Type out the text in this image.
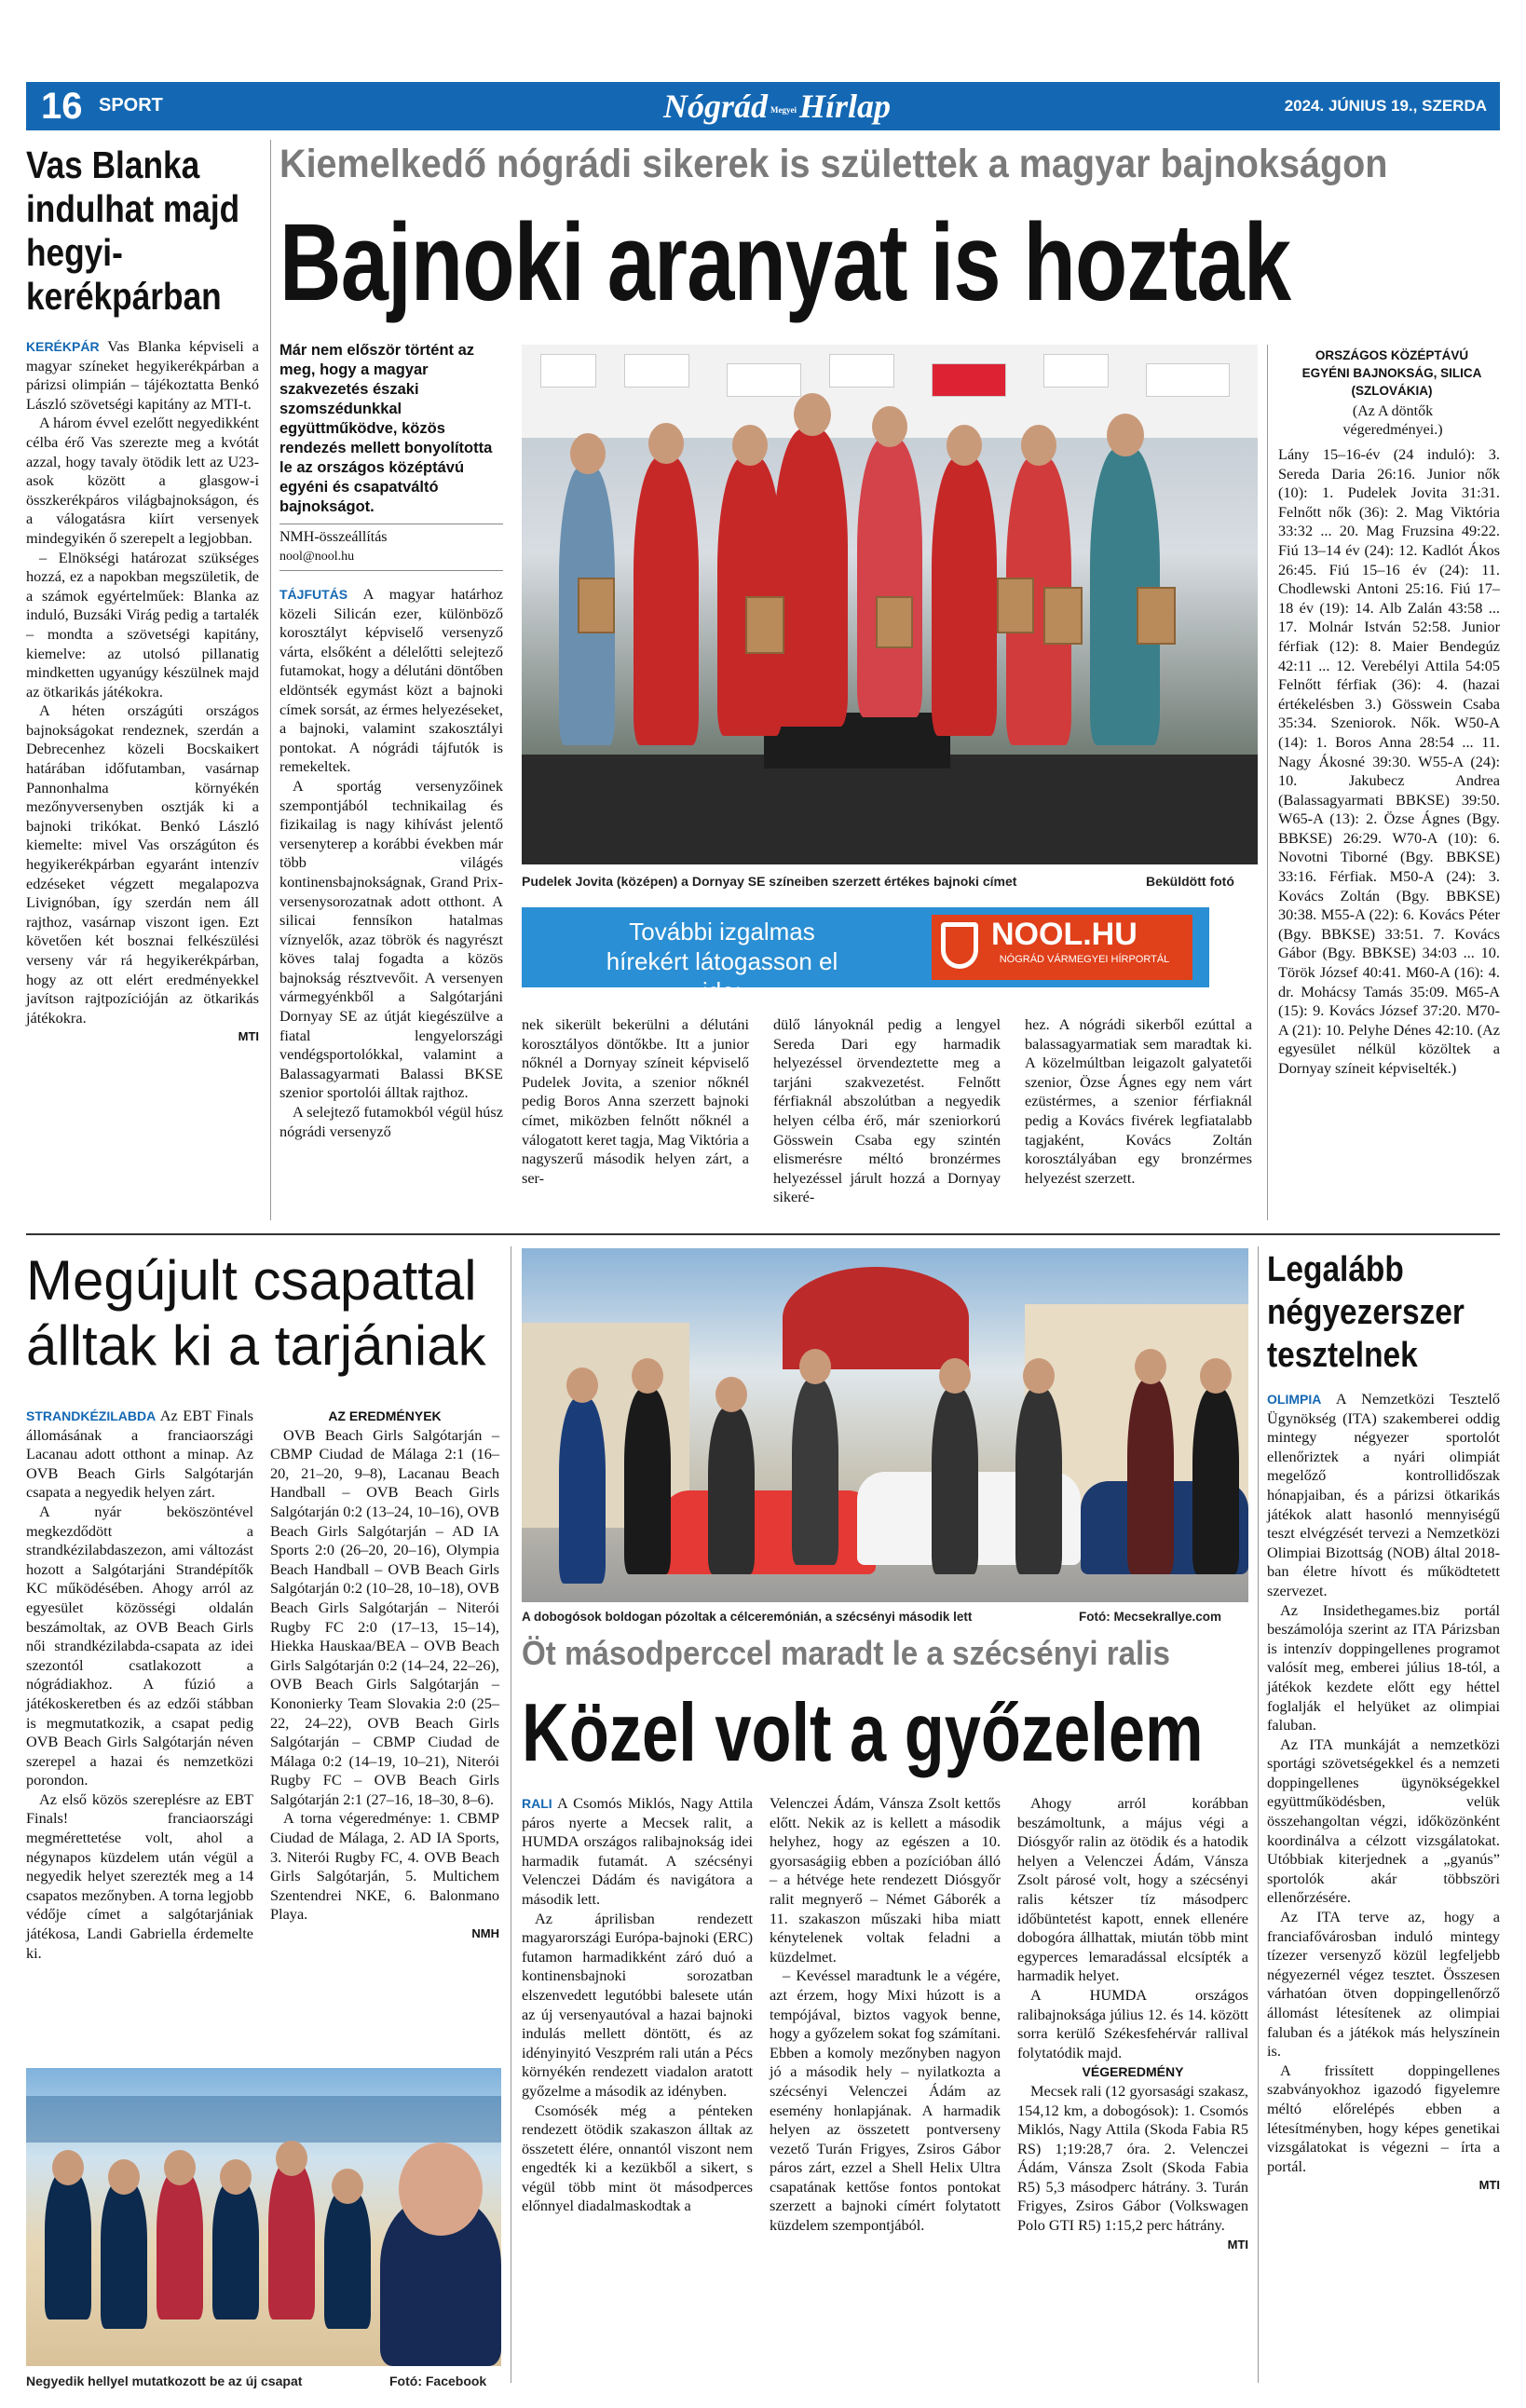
16 SPORT	Nógrád MegyeiHírlap	2024. JÚNIUS 19., SZERDA
Vas Blanka indulhat majd hegyi-kerékpárban

KERÉKPÁR Vas Blanka képviseli a magyar színeket hegyikerékpárban a párizsi olimpián – tájékoztatta Benkó László szövetségi kapitány az MTI-t.

A három évvel ezelőtt negyedikként célba érő Vas szerezte meg a kvótát azzal, hogy tavaly ötödik lett az U23-asok között a glasgow-i összkerékpáros világbajnokságon, és a válogatásra kiírt versenyek mindegyikén ő szerepelt a legjobban.

– Elnökségi határozat szükséges hozzá, ez a napokban megszületik, de a számok egyértelműek: Blanka az induló, Buzsáki Virág pedig a tartalék – mondta a szövetségi kapitány, kiemelve: az utolsó pillanatig mindketten ugyanúgy készülnek majd az ötkarikás játékokra.

A héten országúti országos bajnokságokat rendeznek, szerdán a Debrecenhez közeli Bocskaikert határában időfutamban, vasárnap Pannonhalma környékén mezőnyversenyben osztják ki a bajnoki trikókat. Benkó László kiemelte: mivel Vas országúton és hegyikerékpárban egyaránt intenzív edzéseket végzett megalapozva Livignóban, így szerdán nem áll rajthoz, vasárnap viszont igen. Ezt követően két bosznai felkészülési verseny vár rá hegyikerékpárban, hogy az ott elért eredményekkel javítson rajtpozícióján az ötkarikás játékokra.

MTI
Kiemelkedő nógrádi sikerek is születtek a magyar bajnokságon
Bajnoki aranyat is hoztak
Már nem először történt az meg, hogy a magyar szakvezetés északi szomszédunkkal együttműködve, közös rendezés mellett bonyolította le az országos középtávú egyéni és csapatváltó bajnokságot.
NMH-összeállítás
nool@nool.hu

TÁJFUTÁS A magyar határhoz közeli Silicán ezer, különböző korosztályt képviselő versenyző várta, elsőként a délelőtti selejtező futamokat, hogy a délutáni döntőben eldöntsék egymást közt a bajnoki címek sorsát, az érmes helyezéseket, a bajnoki, valamint szakosztályi pontokat. A nógrádi tájfutók is remekeltek.

A sportág versenyzőinek szempontjából technikailag és fizikailag is nagy kihívást jelentő versenyterep a korábbi években már több világés kontinensbajnokságnak, Grand Prix-versenysorozatnak adott otthont. A silicai fennsíkon hatalmas víznyelők, azaz töbrök és nagyrészt köves talaj fogadta a közös bajnokság résztvevőit. A versenyen vármegyénkből a Salgótarjáni Dornyay SE az útját kiegészülve a fiatal lengyelországi vendégsportolókkal, valamint a Balassagyarmati Balassi BKSE szenior sportolói álltak rajthoz.

A selejtező futamokból végül húsz nógrádi versenyző

Pudelek Jovita (középen) a Dornyay SE színeiben szerzett értékes bajnoki címet	Beküldött fotó
További izgalmas hírekért látogasson el ide:
NOOL.HU
NÓGRÁD VÁRMEGYEI HÍRPORTÁL

nek sikerült bekerülni a délutáni korosztályos döntőkbe. Itt a junior nőknél a Dornyay színeit képviselő Pudelek Jovita, a szenior nőknél pedig Boros Anna szerzett bajnoki címet, miközben felnőtt nőknél a válogatott keret tagja, Mag Viktória a nagyszerű második helyen zárt, a ser-

dülő lányoknál pedig a lengyel Sereda Dari egy harmadik helyezéssel örvendeztette meg a tarjáni szakvezetést. Felnőtt férfiaknál abszolútban a negyedik helyen célba érő, már szeniorkorú Gösswein Csaba egy szintén elismerésre méltó bronzérmes helyezéssel járult hozzá a Dornyay sikeré-

hez. A nógrádi sikerből ezúttal a balassagyarmatiak sem maradtak ki. A közelmúltban leigazolt galyatetői szenior, Özse Ágnes egy nem várt ezüstérmes, a szenior férfiaknál pedig a Kovács fivérek legfiatalabb tagjaként, Kovács Zoltán korosztályában egy bronzérmes helyezést szerzett.

ORSZÁGOS KÖZÉPTÁVÚ EGYÉNI BAJNOKSÁG, SILICA (SZLOVÁKIA)
(Az A döntők végeredményei.)

Lány 15–16-év (24 induló): 3. Sereda Daria 26:16. Junior nők (10): 1. Pudelek Jovita 31:31. Felnőtt nők (36): 2. Mag Viktória 33:32 ... 20. Mag Fruzsina 49:22. Fiú 13–14 év (24): 12. Kadlót Ákos 26:45. Fiú 15–16 év (24): 11. Chodlewski Antoni 25:16. Fiú 17–18 év (19): 14. Alb Zalán 43:58 ... 17. Molnár István 52:58. Junior férfiak (12): 8. Maier Bendegúz 42:11 ... 12. Verebélyi Attila 54:05 Felnőtt férfiak (36): 4. (hazai értékelésben 3.) Gösswein Csaba 35:34. Szeniorok. Nők. W50-A (14): 1. Boros Anna 28:54 ... 11. Nagy Ákosné 39:30. W55-A (24): 10. Jakubecz Andrea (Balassagyarmati BBKSE) 39:50. W65-A (13): 2. Özse Ágnes (Bgy. BBKSE) 26:29. W70-A (10): 6. Novotni Tiborné (Bgy. BBKSE) 33:16. Férfiak. M50-A (24): 3. Kovács Zoltán (Bgy. BBKSE) 30:38. M55-A (22): 6. Kovács Péter (Bgy. BBKSE) 33:51. 7. Kovács Gábor (Bgy. BBKSE) 34:03 ... 10. Török József 40:41. M60-A (16): 4. dr. Mohácsy Tamás 35:09. M65-A (15): 9. Kovács József 37:20. M70-A (21): 10. Pelyhe Dénes 42:10. (Az egyesület nélkül közöltek a Dornyay színeit képviselték.)

Megújult csapattal álltak ki a tarjániak

STRANDKÉZILABDA Az EBT Finals állomásának a franciaországi Lacanau adott otthont a minap. Az OVB Beach Girls Salgótarján csapata a negyedik helyen zárt.

A nyár beköszöntével megkezdődött a strandkézilabdaszezon, ami változást hozott a Salgótarjáni Strandépítők KC működésében. Ahogy arról az egyesület közösségi oldalán beszámoltak, az OVB Beach Girls női strandkézilabda-csapata az idei szezontól csatlakozott a nógrádiakhoz. A fúzió a játékoskeretben és az edzői stábban is megmutatkozik, a csapat pedig OVB Beach Girls Salgótarján néven szerepel a hazai és nemzetközi porondon.

Az első közös szereplésre az EBT Finals! franciaországi megmérettetése volt, ahol a négynapos küzdelem után végül a negyedik helyet szerezték meg a 14 csapatos mezőnyben. A torna legjobb védője címet a salgótarjániak játékosa, Landi Gabriella érdemelte ki.

AZ EREDMÉNYEK

OVB Beach Girls Salgótarján – CBMP Ciudad de Málaga 2:1 (16–20, 21–20, 9–8), Lacanau Beach Handball – OVB Beach Girls Salgótarján 0:2 (13–24, 10–16), OVB Beach Girls Salgótarján – AD IA Sports 2:0 (26–20, 20–16), Olympia Beach Handball – OVB Beach Girls Salgótarján 0:2 (10–28, 10–18), OVB Beach Girls Salgótarján – Niterói Rugby FC 2:0 (17–13, 15–14), Hiekka Hauskaa/BEA – OVB Beach Girls Salgótarján 0:2 (14–24, 22–26), OVB Beach Girls Salgótarján – Kononierky Team Slovakia 2:0 (25–22, 24–22), OVB Beach Girls Salgótarján – CBMP Ciudad de Málaga 0:2 (14–19, 10–21), Niterói Rugby FC – OVB Beach Girls Salgótarján 2:1 (27–16, 18–30, 8–6).

A torna végeredménye: 1. CBMP Ciudad de Málaga, 2. AD IA Sports, 3. Niterói Rugby FC, 4. OVB Beach Girls Salgótarján, 5. Multichem Szentendrei NKE, 6. Balonmano Playa.

NMH
Negyedik hellyel mutatkozott be az új csapat	Fotó: Facebook
A dobogósok boldogan pózoltak a célceremónián, a szécsényi második lett	Fotó: Mecsekrallye.com
Öt másodperccel maradt le a szécsényi ralis
Közel volt a győzelem

RALI A Csomós Miklós, Nagy Attila páros nyerte a Mecsek ralit, a HUMDA országos ralibajnokság idei harmadik futamát. A szécsényi Velenczei Dádám és navigátora a második lett.

Az áprilisban rendezett magyarországi Európa-bajnoki (ERC) futamon harmadikként záró duó a kontinensbajnoki sorozatban elszenvedett legutóbbi balesete után az új versenyautóval a hazai bajnoki indulás mellett döntött, és az idényinyitó Veszprém rali után a Pécs környékén rendezett viadalon aratott győzelme a második az idényben.

Csomósék még a pénteken rendezett ötödik szakaszon álltak az összetett élére, onnantól viszont nem engedték ki a kezükből a sikert, s végül több mint öt másodperces előnnyel diadalmaskodtak a

Velenczei Ádám, Vánsza Zsolt kettős előtt. Nekik az is kellett a második helyhez, hogy az egészen a 10. gyorsaságiig ebben a pozícióban álló – a hétvége hete rendezett Diósgyőr ralit megnyerő – Német Gáborék a 11. szakaszon műszaki hiba miatt kénytelenek voltak feladni a küzdelmet.

– Kevéssel maradtunk le a végére, azt érzem, hogy Mixi húzott is a tempójával, biztos vagyok benne, hogy a győzelem sokat fog számítani. Ebben a komoly mezőnyben nagyon jó a második hely – nyilatkozta a szécsényi Velenczei Ádám az esemény honlapjának. A harmadik helyen az összetett pontverseny vezető Turán Frigyes, Zsiros Gábor páros zárt, ezzel a Shell Helix Ultra csapatának kettőse fontos pontokat szerzett a bajnoki címért folytatott küzdelem szempontjából.

Ahogy arról korábban beszámoltunk, a május végi a Diósgyőr ralin az ötödik és a hatodik helyen a Velenczei Ádám, Vánsza Zsolt párosé volt, hogy a szécsényi ralis kétszer tíz másodperc időbüntetést kapott, ennek ellenére dobogóra állhattak, miután több mint egyperces lemaradással elcsípték a harmadik helyet.

A HUMDA országos ralibajnoksága július 12. és 14. között sorra kerülő Székesfehérvár rallival folytatódik majd.

VÉGEREDMÉNY

Mecsek rali (12 gyorsasági szakasz, 154,12 km, a dobogósok): 1. Csomós Miklós, Nagy Attila (Skoda Fabia R5 RS) 1;19:28,7 óra. 2. Velenczei Ádám, Vánsza Zsolt (Skoda Fabia R5) 5,3 másodperc hátrány. 3. Turán Frigyes, Zsiros Gábor (Volkswagen Polo GTI R5) 1:15,2 perc hátrány.

MTI
Legalább négyezerszer tesztelnek

OLIMPIA A Nemzetközi Tesztelő Ügynökség (ITA) szakemberei oddig mintegy négyezer sportolót ellenőriztek a nyári olimpiát megelőző kontrollidőszak hónapjaiban, és a párizsi ötkarikás játékok alatt hasonló mennyiségű teszt elvégzését tervezi a Nemzetközi Olimpiai Bizottság (NOB) által 2018-ban életre hívott és működtetett szervezet.

Az Insidethegames.biz portál beszámolója szerint az ITA Párizsban is intenzív doppingellenes programot valósít meg, emberei július 18-tól, a játékok kezdete előtt egy héttel foglalják el helyüket az olimpiai faluban.

Az ITA munkáját a nemzetközi sportági szövetségekkel és a nemzeti doppingellenes ügynökségekkel együttműködésben, velük összehangoltan végzi, időközönként koordinálva a célzott vizsgálatokat. Utóbbiak kiterjednek a „gyanús” sportolók akár többszöri ellenőrzésére.

Az ITA terve az, hogy a franciafővárosban induló mintegy tízezer versenyző közül legfeljebb négyezernél végez tesztet. Összesen várhatóan ötven doppingellenőrző állomást létesítenek az olimpiai faluban és a játékok más helyszínein is.

A frissített doppingellenes szabványokhoz igazodó figyelemre méltó előrelépés ebben a létesítményben, hogy képes genetikai vizsgálatokat is végezni – írta a portál.

MTI
